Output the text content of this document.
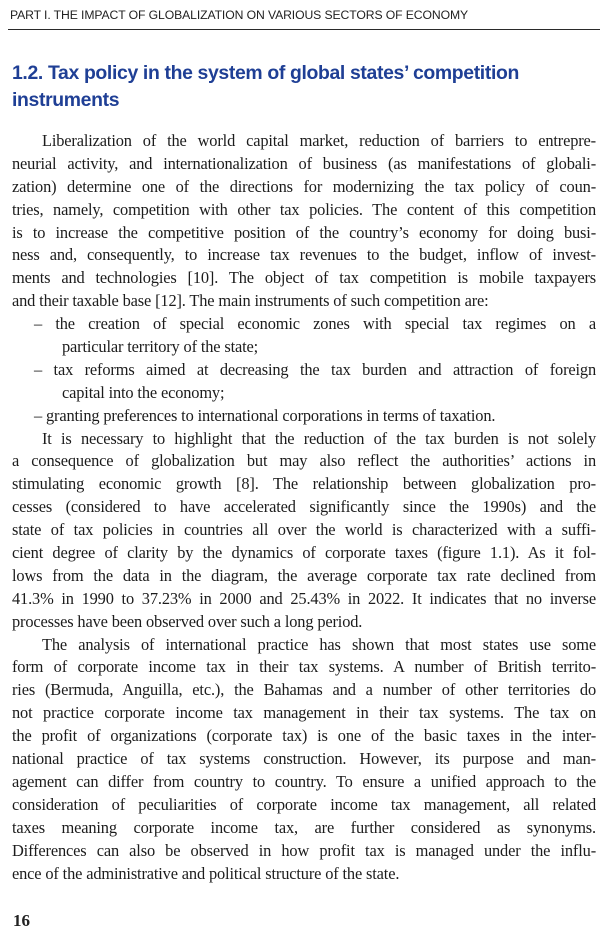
PART I. THE IMPACT OF GLOBALIZATION ON VARIOUS SECTORS OF ECONOMY
1.2. Tax policy in the system of global states’ competition instruments
Liberalization of the world capital market, reduction of barriers to entrepre-
neurial activity, and internationalization of business (as manifestations of globali-
zation) determine one of the directions for modernizing the tax policy of coun-
tries, namely, competition with other tax policies. The content of this competition
is to increase the competitive position of the country’s economy for doing busi-
ness and, consequently, to increase tax revenues to the budget, inflow of invest-
ments and technologies [10]. The object of tax competition is mobile taxpayers
and their taxable base [12]. The main instruments of such competition are:
– the creation of special economic zones with special tax regimes on a
particular territory of the state;
– tax reforms aimed at decreasing the tax burden and attraction of foreign
capital into the economy;
– granting preferences to international corporations in terms of taxation.
It is necessary to highlight that the reduction of the tax burden is not solely
a consequence of globalization but may also reflect the authorities’ actions in
stimulating economic growth [8]. The relationship between globalization pro-
cesses (considered to have accelerated significantly since the 1990s) and the
state of tax policies in countries all over the world is characterized with a suffi-
cient degree of clarity by the dynamics of corporate taxes (figure 1.1). As it fol-
lows from the data in the diagram, the average corporate tax rate declined from
41.3% in 1990 to 37.23% in 2000 and 25.43% in 2022. It indicates that no inverse
processes have been observed over such a long period.
The analysis of international practice has shown that most states use some
form of corporate income tax in their tax systems. A number of British territo-
ries (Bermuda, Anguilla, etc.), the Bahamas and a number of other territories do
not practice corporate income tax management in their tax systems. The tax on
the profit of organizations (corporate tax) is one of the basic taxes in the inter-
national practice of tax systems construction. However, its purpose and man-
agement can differ from country to country. To ensure a unified approach to the
consideration of peculiarities of corporate income tax management, all related
taxes meaning corporate income tax, are further considered as synonyms.
Differences can also be observed in how profit tax is managed under the influ-
ence of the administrative and political structure of the state.
16
